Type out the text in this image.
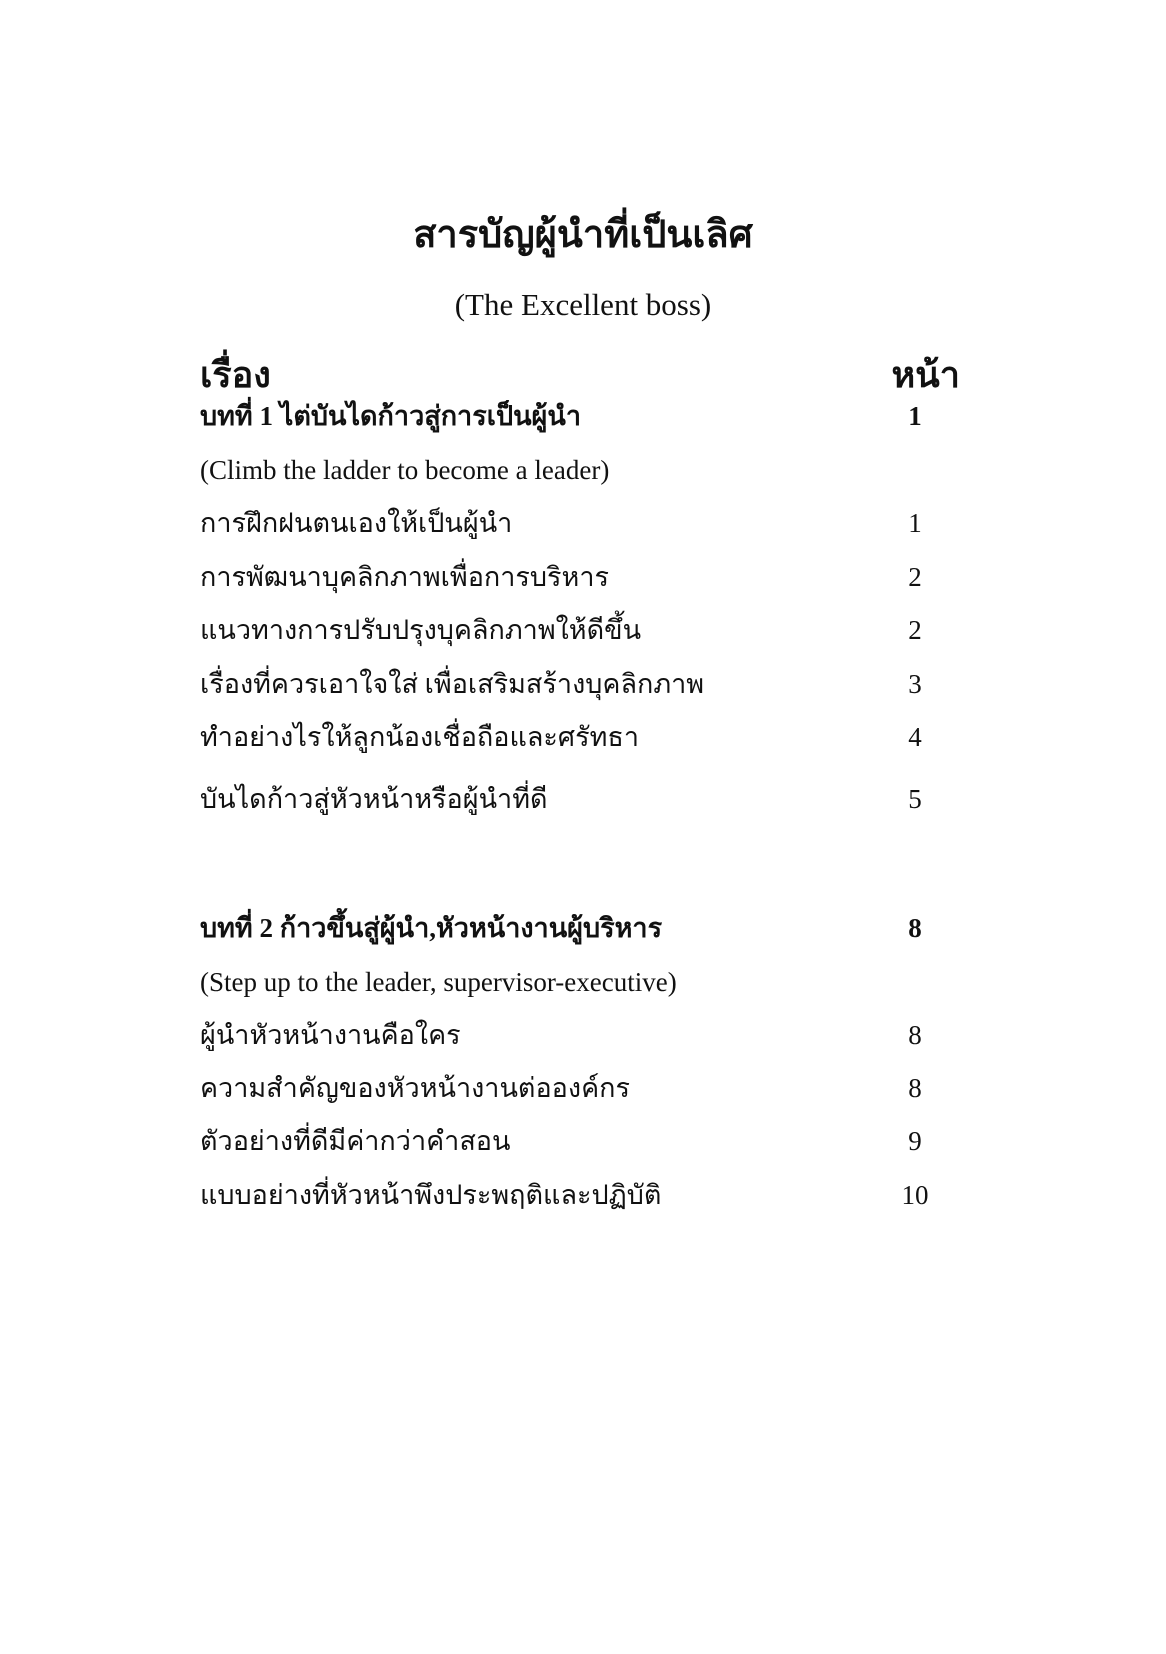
สารบัญผู้นำที่เป็นเลิศ
(The Excellent boss)
เรื่อง	หน้า
บทที่ 1 ไต่บันไดก้าวสู่การเป็นผู้นำ	1
(Climb the ladder to become a leader)
การฝึกฝนตนเองให้เป็นผู้นำ	1
การพัฒนาบุคลิกภาพเพื่อการบริหาร	2
แนวทางการปรับปรุงบุคลิกภาพให้ดีขึ้น	2
เรื่องที่ควรเอาใจใส่ เพื่อเสริมสร้างบุคลิกภาพ	3
ทำอย่างไรให้ลูกน้องเชื่อถือและศรัทธา	4
บันไดก้าวสู่หัวหน้าหรือผู้นำที่ดี	5
บทที่ 2 ก้าวขึ้นสู่ผู้นำ,หัวหน้างานผู้บริหาร	8
(Step up to the leader, supervisor-executive)
ผู้นำหัวหน้างานคือใคร	8
ความสำคัญของหัวหน้างานต่อองค์กร	8
ตัวอย่างที่ดีมีค่ากว่าคำสอน	9
แบบอย่างที่หัวหน้าพึงประพฤติและปฏิบัติ	10
